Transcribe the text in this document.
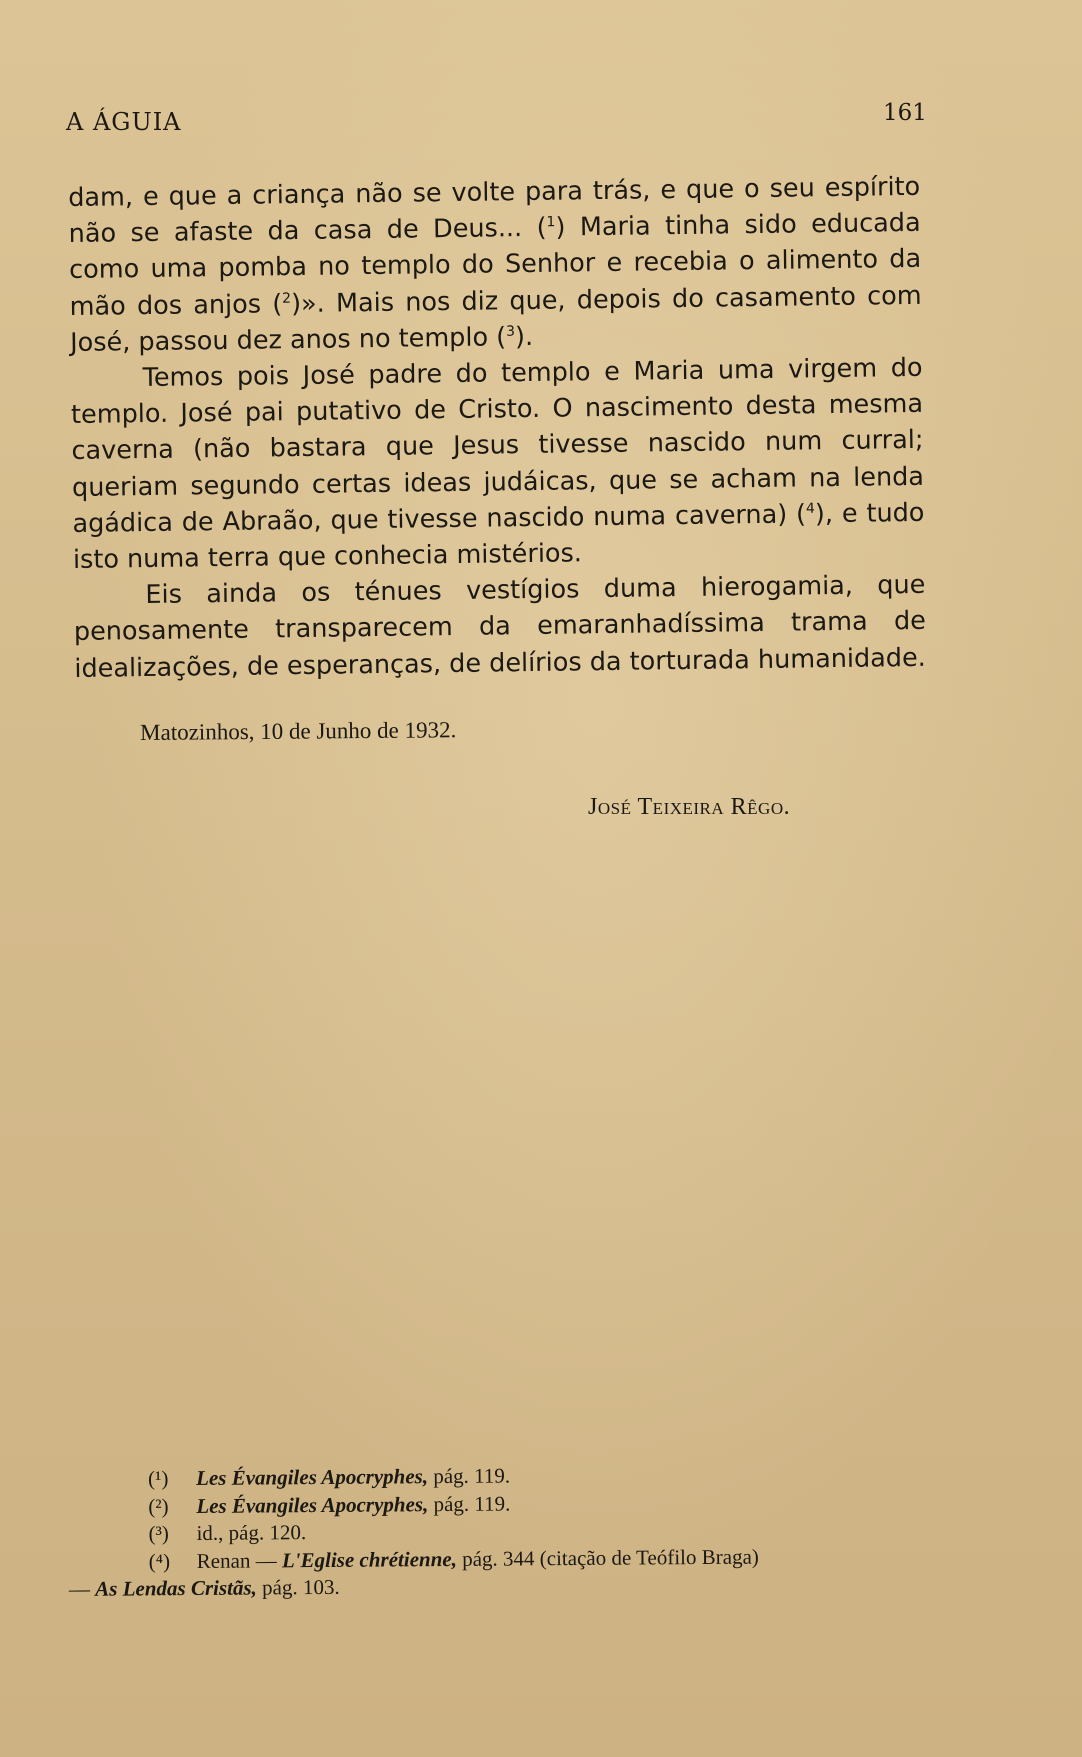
A ÁGUIA	161

dam, e que a criança não se volte para trás, e que o seu espírito não se afaste da casa de Deus... ($^1$) Maria tinha sido educada como uma pomba no templo do Senhor e recebia o alimento da mão dos anjos ($^2$)». Mais nos diz que, depois do casamento com José, passou dez anos no templo ($^3$).

Temos pois José padre do templo e Maria uma virgem do templo. José pai putativo de Cristo. O nascimento desta mesma caverna (não bastara que Jesus tivesse nascido num curral; queriam segundo certas ideas judáicas, que se acham na lenda agádica de Abraão, que tivesse nascido numa caverna) ($^4$), e tudo isto numa terra que conhecia mistérios.

Eis ainda os ténues vestígios duma hierogamia, que penosamente transparecem da emaranhadíssima trama de idealizações, de esperanças, de delírios da torturada humanidade.

Matozinhos, 10 de Junho de 1932.
José Teixeira Rêgo.
(¹) Les Évangiles Apocryphes, pág. 119.
(²) Les Évangiles Apocryphes, pág. 119.
(³) id., pág. 120.
(⁴) Renan — L'Eglise chrétienne, pág. 344 (citação de Teófilo Braga)
— As Lendas Cristãs, pág. 103.
